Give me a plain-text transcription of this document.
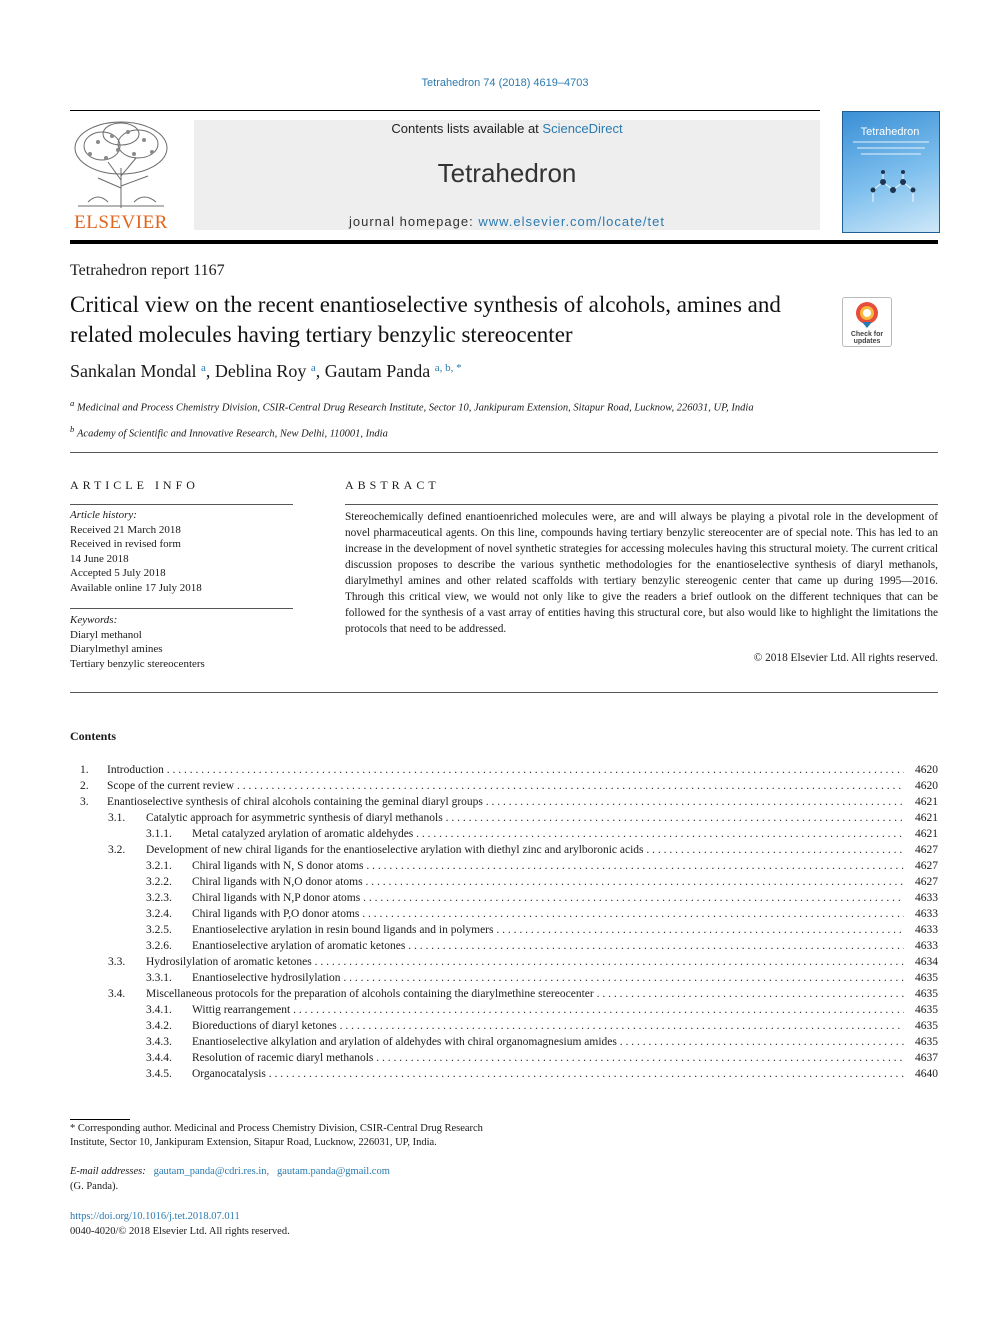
Tetrahedron 74 (2018) 4619–4703
ELSEVIER
Contents lists available at ScienceDirect
Tetrahedron
journal homepage: www.elsevier.com/locate/tet
Tetrahedron
Tetrahedron report 1167
Critical view on the recent enantioselective synthesis of alcohols, amines and related molecules having tertiary benzylic stereocenter	Check for
updates
Sankalan Mondal $^a$, Deblina Roy $^a$, Gautam Panda $^{a, b, *}$
$^a$ Medicinal and Process Chemistry Division, CSIR-Central Drug Research Institute, Sector 10, Jankipuram Extension, Sitapur Road, Lucknow, 226031, UP, India
$^b$ Academy of Scientific and Innovative Research, New Delhi, 110001, India
ARTICLE INFO
Article history:
Received 21 March 2018
Received in revised form
14 June 2018
Accepted 5 July 2018
Available online 17 July 2018
Keywords:
Diaryl methanol
Diarylmethyl amines
Tertiary benzylic stereocenters
ABSTRACT
Stereochemically defined enantioenriched molecules were, are and will always be playing a pivotal role in the development of novel pharmaceutical agents. On this line, compounds having tertiary benzylic stereocenter are of special note. This has led to an increase in the development of novel synthetic strategies for accessing molecules having this structural moiety. The current critical discussion proposes to describe the various synthetic methodologies for the enantioselective synthesis of diaryl methanols, diarylmethyl amines and other related scaffolds with tertiary benzylic stereogenic center that came up during 1995—2016. Through this critical view, we would not only like to give the readers a brief outlook on the different techniques that can be followed for the synthesis of a vast array of entities having this structural core, but also would like to highlight the limitations the protocols that need to be addressed.
© 2018 Elsevier Ltd. All rights reserved.
Contents
1. Introduction . . .	4620
2. Scope of the current review . . .	4620
3. Enantioselective synthesis of chiral alcohols containing the geminal diaryl groups . . .	4621
3.1. Catalytic approach for asymmetric synthesis of diaryl methanols . . .	4621
3.1.1. Metal catalyzed arylation of aromatic aldehydes . . .	4621
3.2. Development of new chiral ligands for the enantioselective arylation with diethyl zinc and arylboronic acids . . .	4627
3.2.1. Chiral ligands with N, S donor atoms . . .	4627
3.2.2. Chiral ligands with N,O donor atoms . . .	4627
3.2.3. Chiral ligands with N,P donor atoms . . .	4633
3.2.4. Chiral ligands with P,O donor atoms . . .	4633
3.2.5. Enantioselective arylation in resin bound ligands and in polymers . . .	4633
3.2.6. Enantioselective arylation of aromatic ketones . . .	4633
3.3. Hydrosilylation of aromatic ketones . . .	4634
3.3.1. Enantioselective hydrosilylation . . .	4635
3.4. Miscellaneous protocols for the preparation of alcohols containing the diarylmethine stereocenter . . .	4635
3.4.1. Wittig rearrangement . . .	4635
3.4.2. Bioreductions of diaryl ketones . . .	4635
3.4.3. Enantioselective alkylation and arylation of aldehydes with chiral organomagnesium amides . . .	4635
3.4.4. Resolution of racemic diaryl methanols . . .	4637
3.4.5. Organocatalysis . . .	4640
* Corresponding author. Medicinal and Process Chemistry Division, CSIR-Central Drug Research Institute, Sector 10, Jankipuram Extension, Sitapur Road, Lucknow, 226031, UP, India.
E-mail addresses: gautam_panda@cdri.res.in, gautam.panda@gmail.com
(G. Panda).
https://doi.org/10.1016/j.tet.2018.07.011
0040-4020/© 2018 Elsevier Ltd. All rights reserved.
